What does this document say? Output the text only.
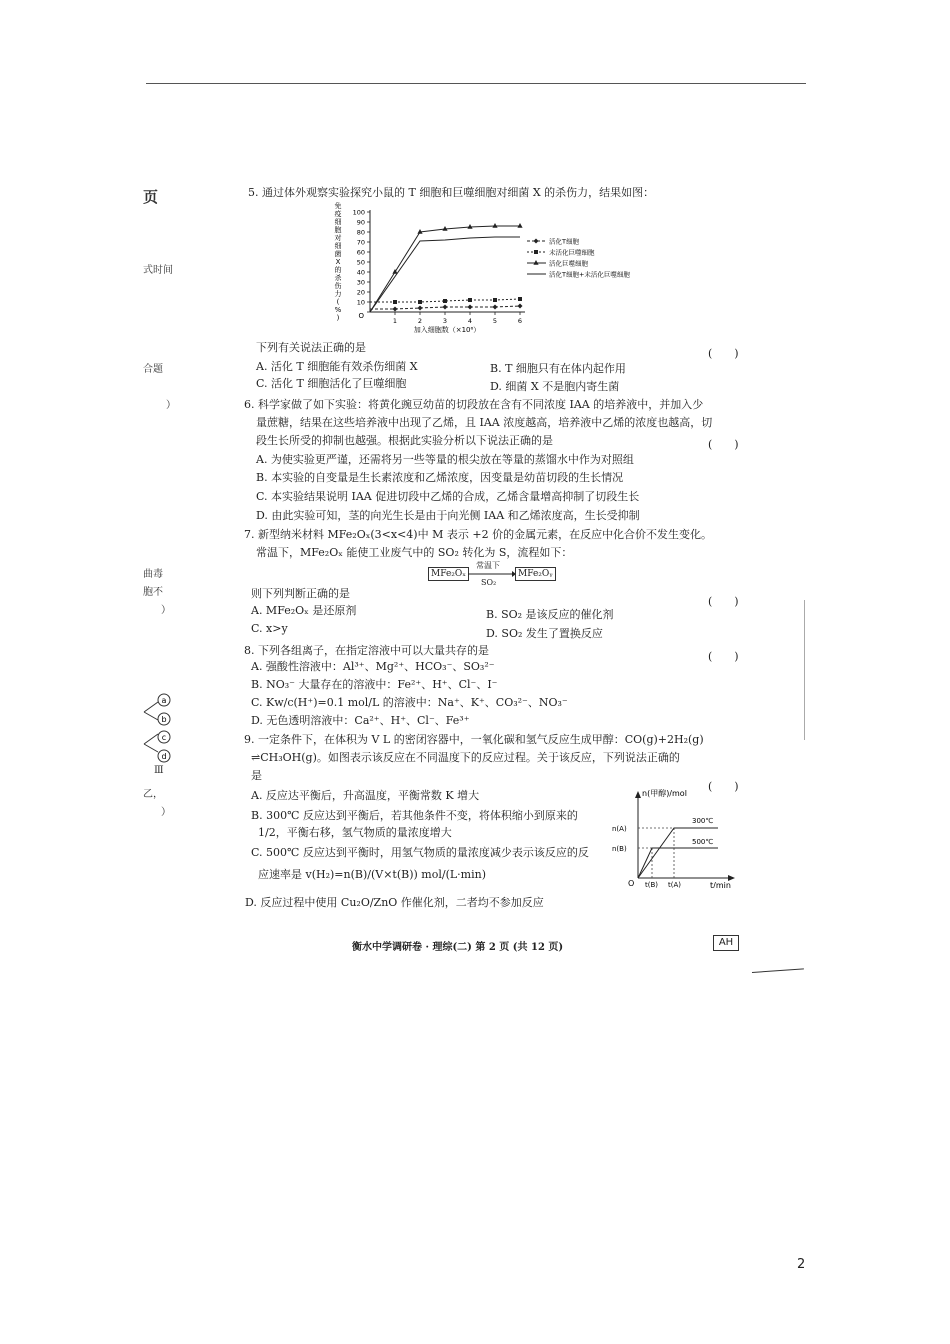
页
式时间
合题
）
曲毒
胞不
）
Ⅲ
乙，
）
a
b
c
d
5. 通过体外观察实验探究小鼠的 T 细胞和巨噬细胞对细菌 X 的杀伤力，结果如图：
免
疫
细
胞
对
细
菌
X
的
杀
伤
力
(
%
)
10
20
30
40
50
60
70
80
90
100
O
1	2	3	4	5	6
活化T细胞
未活化巨噬细胞
活化巨噬细胞
活化T细胞+未活化巨噬细胞
加入细胞数（×10⁶）
下列有关说法正确的是	(　　)
A. 活化 T 细胞能有效杀伤细菌 X	B. T 细胞只有在体内起作用
C. 活化 T 细胞活化了巨噬细胞	D. 细菌 X 不是胞内寄生菌
6. 科学家做了如下实验：将黄化豌豆幼苗的切段放在含有不同浓度 IAA 的培养液中，并加入少
量蔗糖，结果在这些培养液中出现了乙烯，且 IAA 浓度越高，培养液中乙烯的浓度也越高，切
段生长所受的抑制也越强。根据此实验分析以下说法正确的是	(　　)
A. 为使实验更严谨，还需将另一些等量的根尖放在等量的蒸馏水中作为对照组
B. 本实验的自变量是生长素浓度和乙烯浓度，因变量是幼苗切段的生长情况
C. 本实验结果说明 IAA 促进切段中乙烯的合成，乙烯含量增高抑制了切段生长
D. 由此实验可知，茎的向光生长是由于向光侧 IAA 和乙烯浓度高，生长受抑制
7. 新型纳米材料 MFe₂Oₓ(3<x<4)中 M 表示 +2 价的金属元素，在反应中化合价不发生变化。
常温下，MFe₂Oₓ 能使工业废气中的 SO₂ 转化为 S，流程如下：
MFe₂Oₓ
常温下
SO₂
MFe₂Oᵧ
则下列判断正确的是
(　　)
A. MFe₂Oₓ 是还原剂	B. SO₂ 是该反应的催化剂
C. x>y	D. SO₂ 发生了置换反应
8. 下列各组离子，在指定溶液中可以大量共存的是	(　　)
A. 强酸性溶液中：Al³⁺、Mg²⁺、HCO₃⁻、SO₃²⁻
B. NO₃⁻ 大量存在的溶液中：Fe²⁺、H⁺、Cl⁻、I⁻
C. Kw/c(H⁺)=0.1 mol/L 的溶液中：Na⁺、K⁺、CO₃²⁻、NO₃⁻
D. 无色透明溶液中：Ca²⁺、H⁺、Cl⁻、Fe³⁺
9. 一定条件下，在体积为 V L 的密闭容器中，一氧化碳和氢气反应生成甲醇：CO(g)+2H₂(g)
⇌CH₃OH(g)。如图表示该反应在不同温度下的反应过程。关于该反应，下列说法正确的
是
(　　)
A. 反应达平衡后，升高温度，平衡常数 K 增大
B. 300℃ 反应达到平衡后，若其他条件不变，将体积缩小到原来的
1/2，平衡右移，氢气物质的量浓度增大
C. 500℃ 反应达到平衡时，用氢气物质的量浓度减少表示该反应的反
应速率是 v(H₂)=n(B)/(V×t(B)) mol/(L·min)
D. 反应过程中使用 Cu₂O/ZnO 作催化剂，二者均不参加反应
n(甲醇)/mol
t/min
O
n(A)
n(B)
300℃
500℃
t(B) t(A)
衡水中学调研卷 · 理综(二) 第 2 页 (共 12 页)	AH
2
